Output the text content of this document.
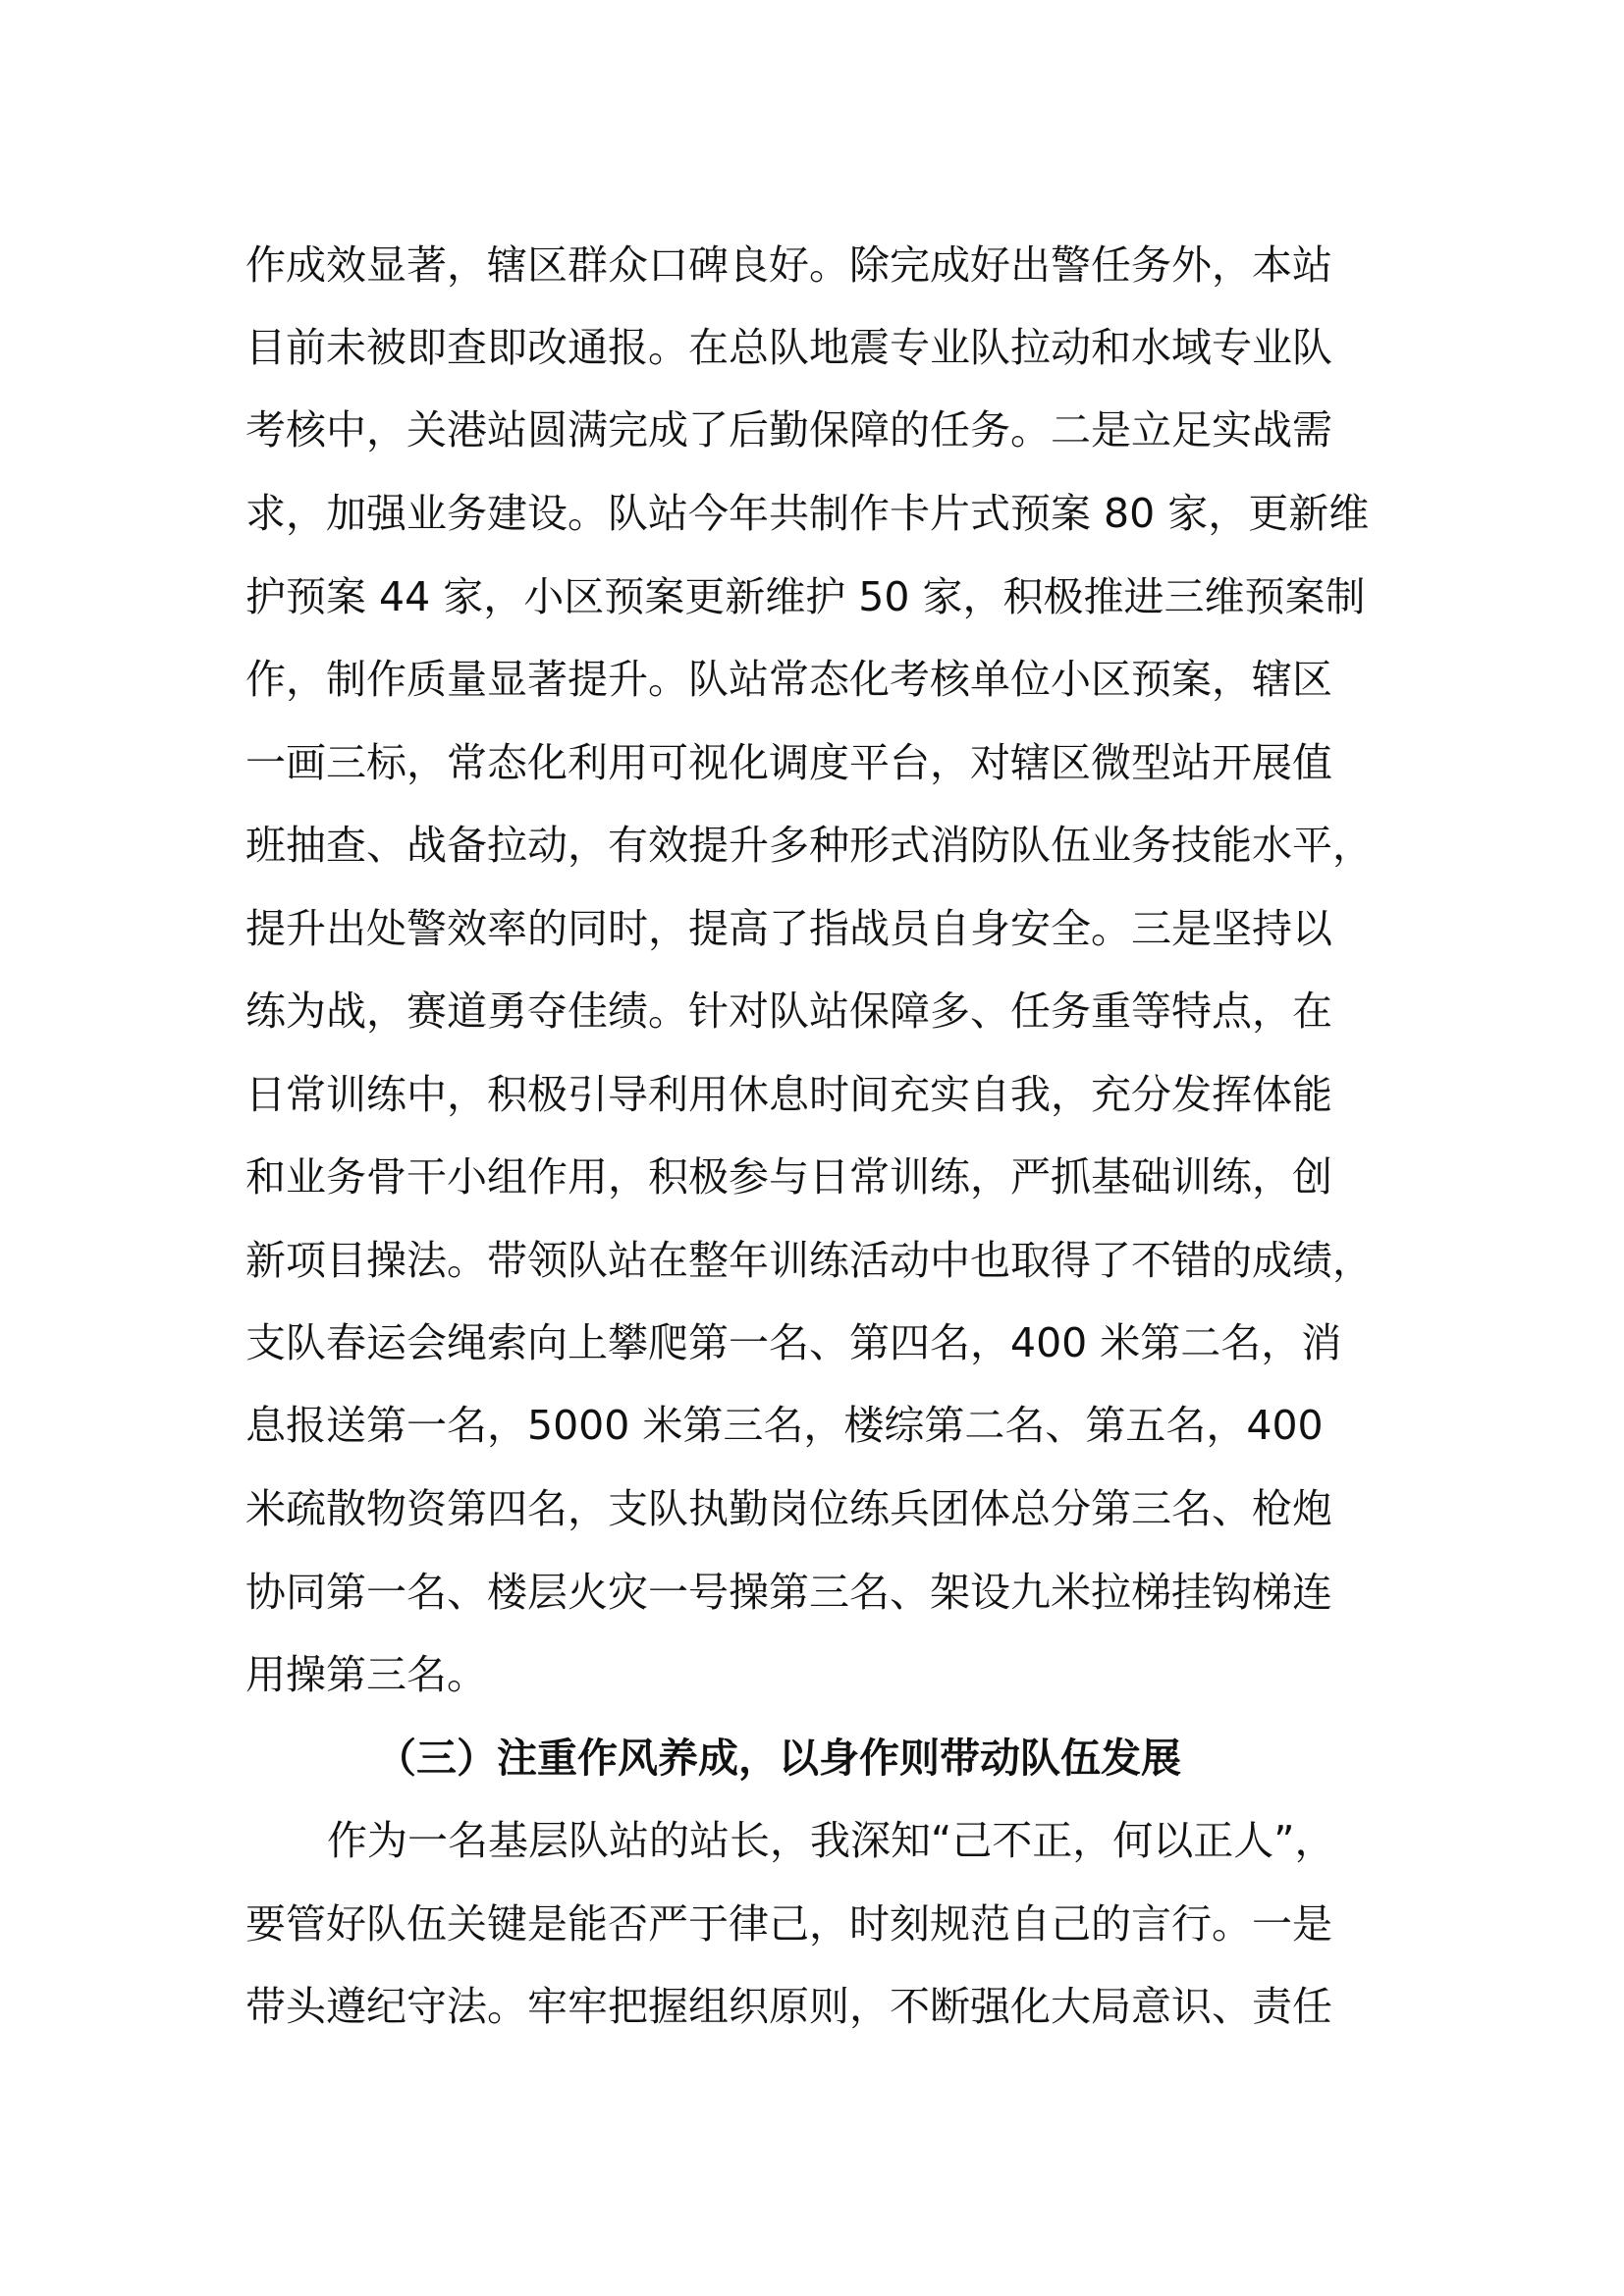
作成效显著，辖区群众口碑良好。除完成好出警任务外，本站

目前未被即查即改通报。在总队地震专业队拉动和水域专业队

考核中，关港站圆满完成了后勤保障的任务。二是立足实战需

求，加强业务建设。队站今年共制作卡片式预案 80 家，更新维

护预案 44 家，小区预案更新维护 50 家，积极推进三维预案制

作，制作质量显著提升。队站常态化考核单位小区预案，辖区

一画三标，常态化利用可视化调度平台，对辖区微型站开展值

班抽查、战备拉动，有效提升多种形式消防队伍业务技能水平，

提升出处警效率的同时，提高了指战员自身安全。三是坚持以

练为战，赛道勇夺佳绩。针对队站保障多、任务重等特点，在

日常训练中，积极引导利用休息时间充实自我，充分发挥体能

和业务骨干小组作用，积极参与日常训练，严抓基础训练，创

新项目操法。带领队站在整年训练活动中也取得了不错的成绩，

支队春运会绳索向上攀爬第一名、第四名，400 米第二名，消

息报送第一名，5000 米第三名，楼综第二名、第五名，400

米疏散物资第四名，支队执勤岗位练兵团体总分第三名、枪炮

协同第一名、楼层火灾一号操第三名、架设九米拉梯挂钩梯连

用操第三名。

（三）注重作风养成，以身作则带动队伍发展

作为一名基层队站的站长，我深知“己不正，何以正人”，

要管好队伍关键是能否严于律己，时刻规范自己的言行。一是

带头遵纪守法。牢牢把握组织原则，不断强化大局意识、责任
